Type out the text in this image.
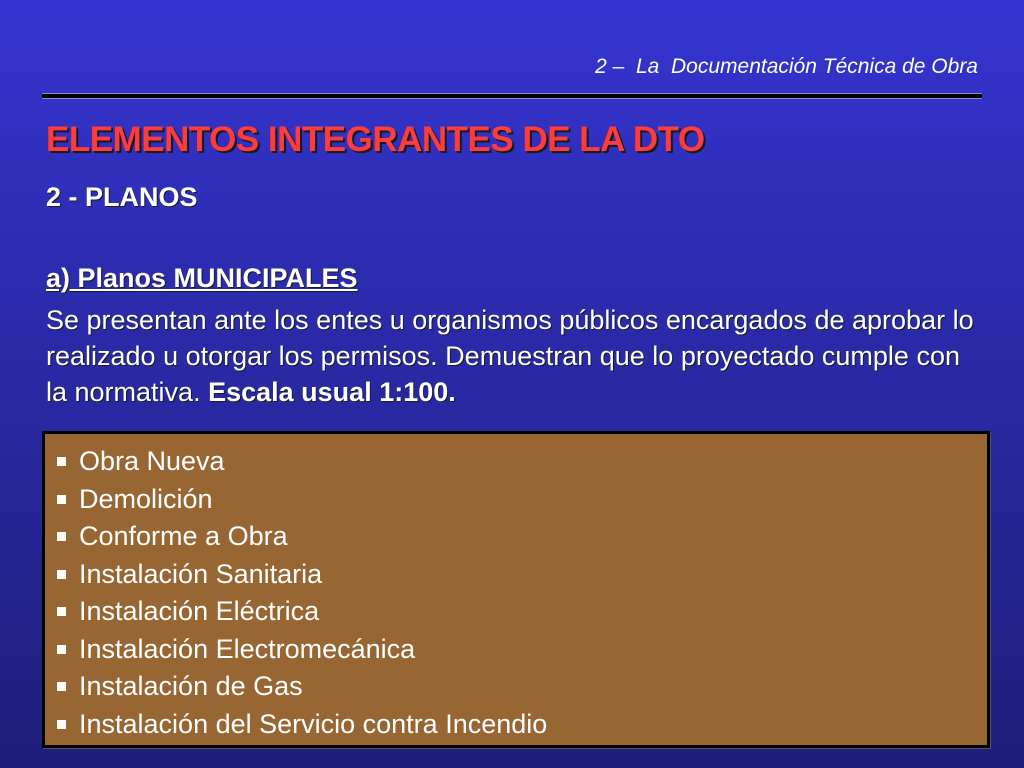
2 –  La  Documentación Técnica de Obra
ELEMENTOS INTEGRANTES DE LA DTO
2 - PLANOS
a) Planos MUNICIPALES
Se presentan ante los entes u organismos públicos encargados de aprobar lo realizado u otorgar los permisos. Demuestran que lo proyectado cumple con la normativa. Escala usual 1:100.
Obra Nueva
Demolición
Conforme a Obra
Instalación Sanitaria
Instalación Eléctrica
Instalación Electromecánica
Instalación de Gas
Instalación del Servicio contra Incendio
